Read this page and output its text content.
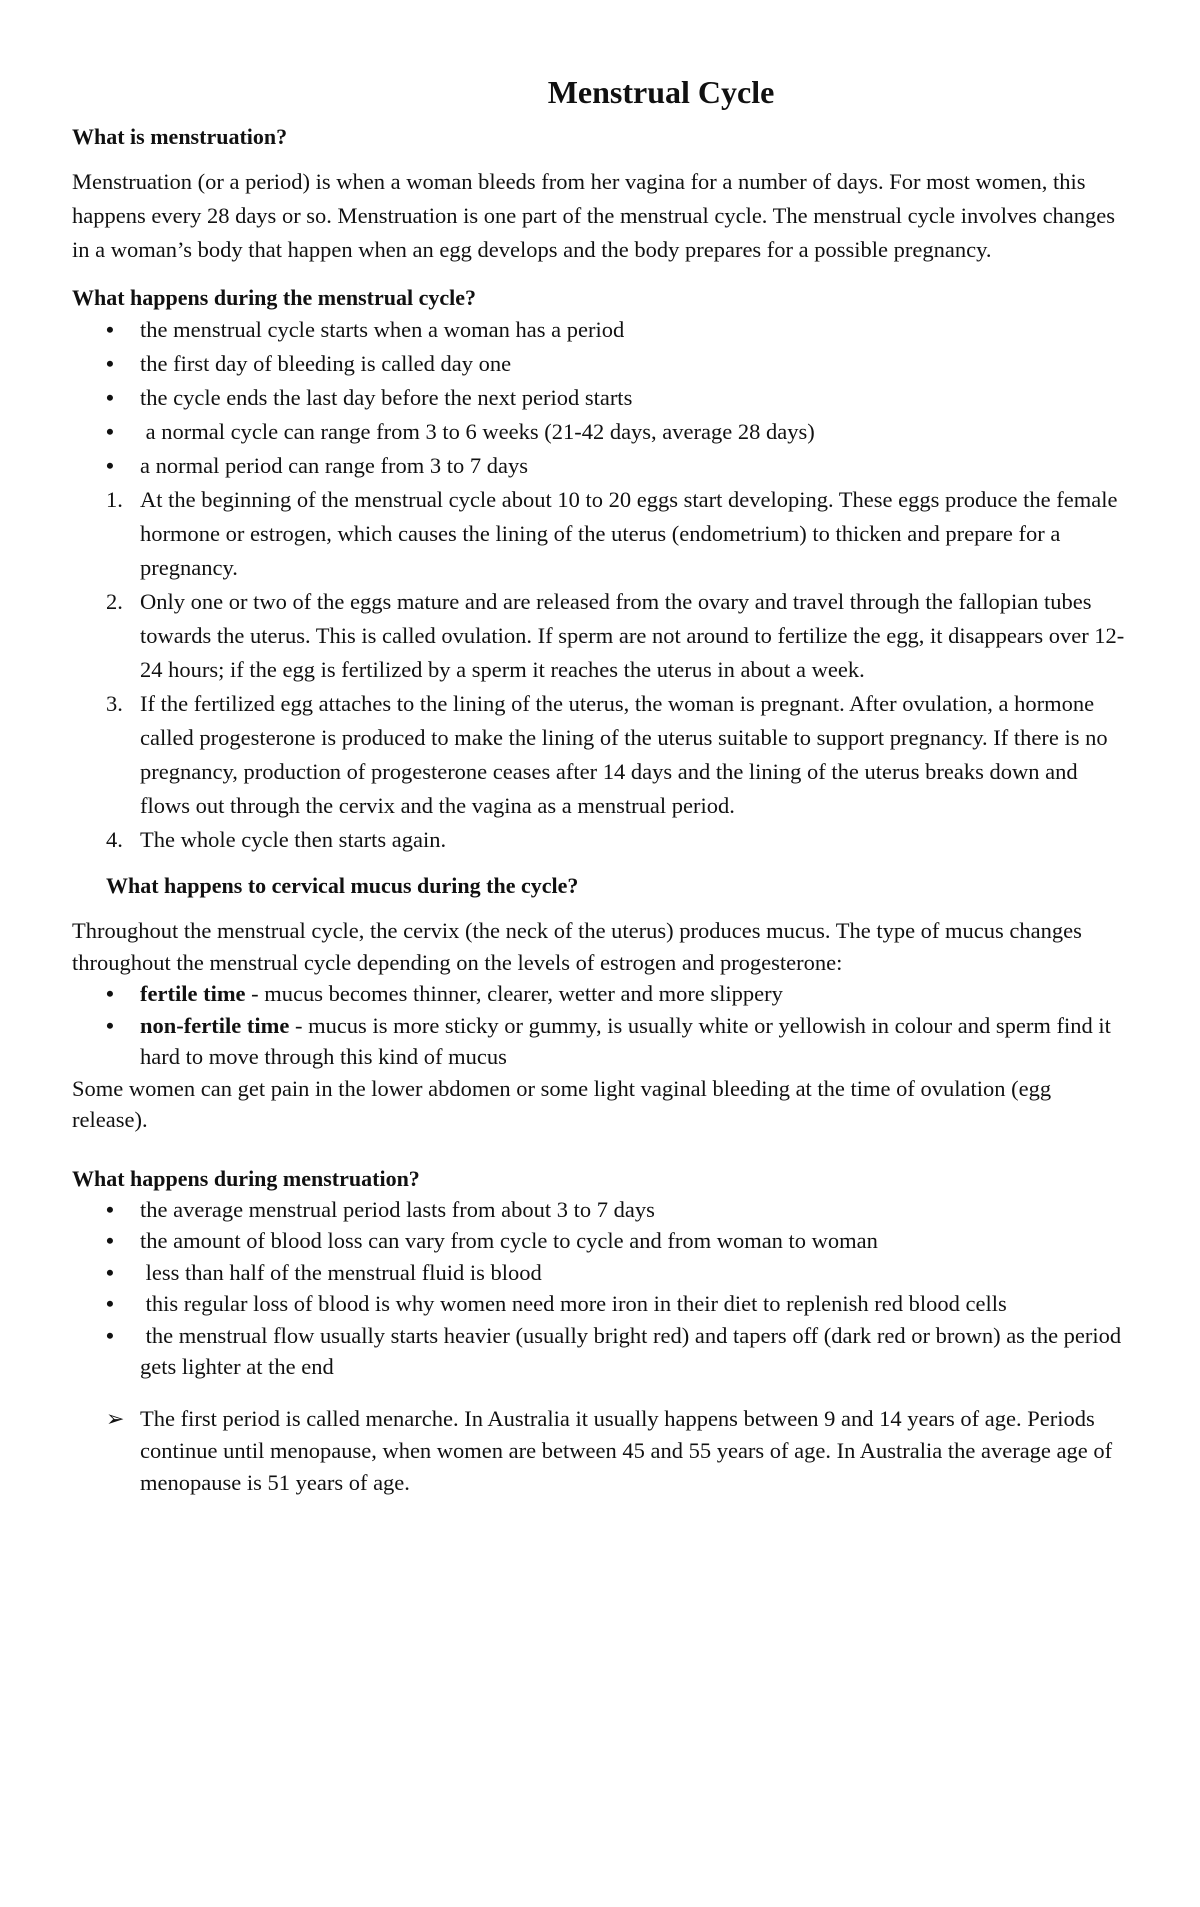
Menstrual Cycle

What is menstruation?

Menstruation (or a period) is when a woman bleeds from her vagina for a number of days. For most women, this happens every 28 days or so. Menstruation is one part of the menstrual cycle. The menstrual cycle involves changes in a woman’s body that happen when an egg develops and the body prepares for a possible pregnancy.

What happens during the menstrual cycle?

• the menstrual cycle starts when a woman has a period
• the first day of bleeding is called day one
• the cycle ends the last day before the next period starts
• a normal cycle can range from 3 to 6 weeks (21-42 days, average 28 days)
• a normal period can range from 3 to 7 days
1. At the beginning of the menstrual cycle about 10 to 20 eggs start developing. These eggs produce the female hormone or estrogen, which causes the lining of the uterus (endometrium) to thicken and prepare for a pregnancy.
2. Only one or two of the eggs mature and are released from the ovary and travel through the fallopian tubes towards the uterus. This is called ovulation. If sperm are not around to fertilize the egg, it disappears over 12-24 hours; if the egg is fertilized by a sperm it reaches the uterus in about a week.
3. If the fertilized egg attaches to the lining of the uterus, the woman is pregnant. After ovulation, a hormone called progesterone is produced to make the lining of the uterus suitable to support pregnancy. If there is no pregnancy, production of progesterone ceases after 14 days and the lining of the uterus breaks down and flows out through the cervix and the vagina as a menstrual period.
4. The whole cycle then starts again.

What happens to cervical mucus during the cycle?

Throughout the menstrual cycle, the cervix (the neck of the uterus) produces mucus. The type of mucus changes throughout the menstrual cycle depending on the levels of estrogen and progesterone:

• fertile time - mucus becomes thinner, clearer, wetter and more slippery
• non-fertile time - mucus is more sticky or gummy, is usually white or yellowish in colour and sperm find it hard to move through this kind of mucus

Some women can get pain in the lower abdomen or some light vaginal bleeding at the time of ovulation (egg release).

What happens during menstruation?

• the average menstrual period lasts from about 3 to 7 days
• the amount of blood loss can vary from cycle to cycle and from woman to woman
• less than half of the menstrual fluid is blood
• this regular loss of blood is why women need more iron in their diet to replenish red blood cells
• the menstrual flow usually starts heavier (usually bright red) and tapers off (dark red or brown) as the period gets lighter at the end
➢ The first period is called menarche. In Australia it usually happens between 9 and 14 years of age. Periods continue until menopause, when women are between 45 and 55 years of age. In Australia the average age of menopause is 51 years of age.
